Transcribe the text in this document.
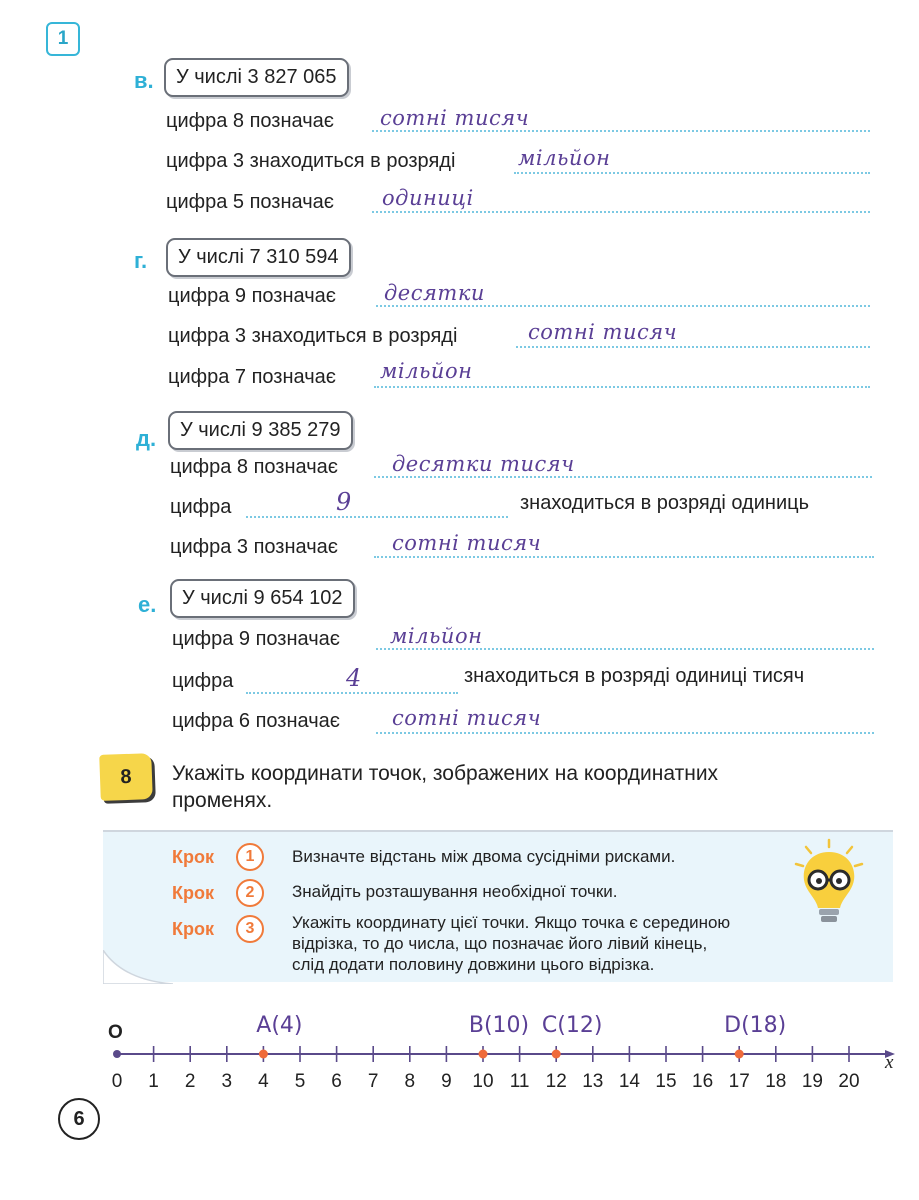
1
в.	У числі 3 827 065
цифра 8 позначає сотні тисяч
цифра 3 знаходиться в розряді	мільйон
цифра 5 позначає одиниці
г.	У числі 7 310 594
цифра 9 позначає десятки
цифра 3 знаходиться в розряді	сотні тисяч
цифра 7 позначає мільйон
д.	У числі 9 385 279
цифра 8 позначає	десятки тисяч
цифра	9	знаходиться в розряді одиниць
цифра 3 позначає	сотні тисяч
е.	У числі 9 654 102
цифра 9 позначає мільйон
цифра	4	знаходиться в розряді одиниці тисяч
цифра 6 позначає сотні тисяч
8	Укажіть координати точок, зображених на координатних
променях.
Крок	1	Визначте відстань між двома сусідніми рисками.
Крок	2	Знайдіть розташування необхідної точки.
Крок	3	Укажіть координату цієї точки. Якщо точка є серединою
відрізка, то до числа, що позначає його лівий кінець,
слід додати половину довжини цього відрізка.
O
0 1 2 3 4 5 6 7 8 9 10 11 12 13 14 15 16 17 18 19 20
x
A(4)	B(10) C(12)	D(18)
6
